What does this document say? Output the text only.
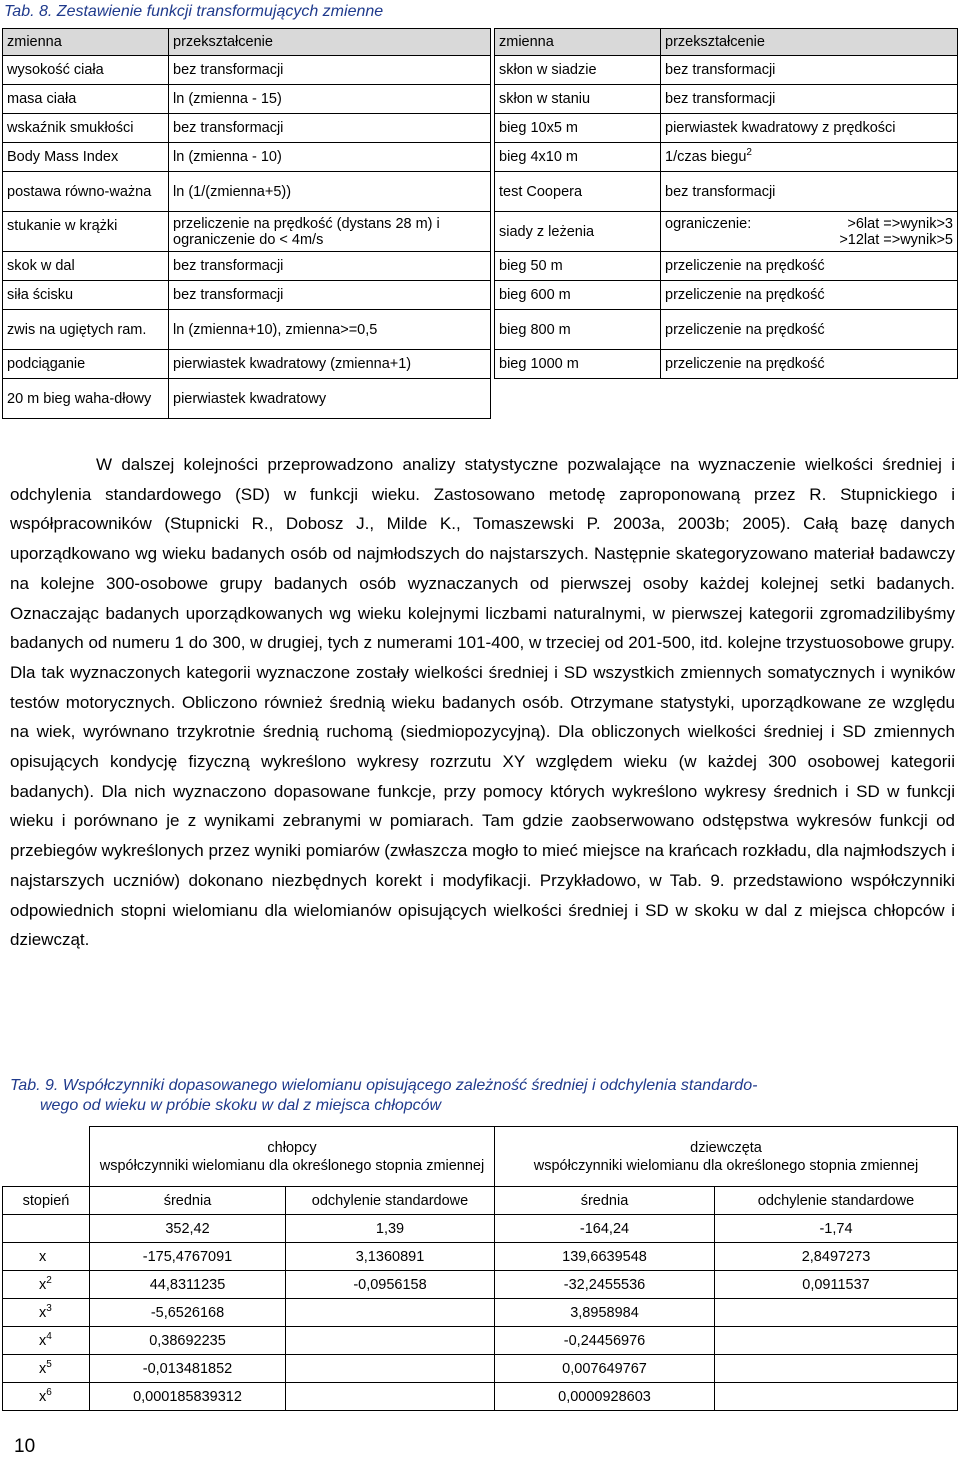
Tab. 8. Zestawienie funkcji transformujących zmienne
zmienna	przekształcenie		zmienna	przekształcenie
wysokość ciała	bez transformacji		skłon w siadzie	bez transformacji
masa ciała	ln (zmienna - 15)		skłon w staniu	bez transformacji
wskaźnik smukłości	bez transformacji		bieg 10x5 m	pierwiastek kwadratowy z prędkości
Body Mass Index	ln (zmienna - 10)		bieg 4x10 m	1/czas biegu$^2$
postawa równo-ważna	ln (1/(zmienna+5))		test Coopera	bez transformacji
stukanie w krążki	przeliczenie na prędkość (dystans 28 m) i ograniczenie do < 4m/s		siady z leżenia	ograniczenie: >6lat =>wynik>3
>12lat =>wynik>5

skok w dal	bez transformacji		bieg 50 m	przeliczenie na prędkość
siła ścisku	bez transformacji		bieg 600 m	przeliczenie na prędkość
zwis na ugiętych ram.	ln (zmienna+10), zmienna>=0,5		bieg 800 m	przeliczenie na prędkość
podciąganie	pierwiastek kwadratowy (zmienna+1)		bieg 1000 m	przeliczenie na prędkość
20 m bieg waha-dłowy	pierwiastek kwadratowy			

W dalszej kolejności przeprowadzono analizy statystyczne pozwalające na wyznaczenie wielkości średniej i odchylenia standardowego (SD) w funkcji wieku. Zastosowano metodę zaproponowaną przez R. Stupnickiego i współpracowników (Stupnicki R., Dobosz J., Milde K., Tomaszewski P. 2003a, 2003b; 2005). Całą bazę danych uporządkowano wg wieku badanych osób od najmłodszych do najstarszych. Następnie skategoryzowano materiał badawczy na kolejne 300-osobowe grupy badanych osób wyznaczanych od pierwszej osoby każdej kolejnej setki badanych. Oznaczając badanych uporządkowanych wg wieku kolejnymi liczbami naturalnymi, w pierwszej kategorii zgromadzilibyśmy badanych od numeru 1 do 300, w drugiej, tych z numerami 101-400, w trzeciej od 201-500, itd. kolejne trzystuosobowe grupy. Dla tak wyznaczonych kategorii wyznaczone zostały wielkości średniej i SD wszystkich zmiennych somatycznych i wyników testów motorycznych. Obliczono również średnią wieku badanych osób. Otrzymane statystyki, uporządkowane ze względu na wiek, wyrównano trzykrotnie średnią ruchomą (siedmiopozycyjną). Dla obliczonych wielkości średniej i SD zmiennych opisujących kondycję fizyczną wykreślono wykresy rozrzutu XY względem wieku (w każdej 300 osobowej kategorii badanych). Dla nich wyznaczono dopasowane funkcje, przy pomocy których wykreślono wykresy średnich i SD w funkcji wieku i porównano je z wynikami zebranymi w pomiarach. Tam gdzie zaobserwowano odstępstwa wykresów funkcji od przebiegów wykreślonych przez wyniki pomiarów (zwłaszcza mogło to mieć miejsce na krańcach rozkładu, dla najmłodszych i najstarszych uczniów) dokonano niezbędnych korekt i modyfikacji. Przykładowo, w Tab. 9. przedstawiono współczynniki odpowiednich stopni wielomianu dla wielomianów opisujących wielkości średniej i SD w skoku w dal z miejsca chłopców i dziewcząt.

Tab. 9. Współczynniki dopasowanego wielomianu opisującego zależność średniej i odchylenia standardo-
wego od wieku w próbie skoku w dal z miejsca chłopców
	chłopcy
współczynniki wielomianu dla określonego stopnia zmiennej		dziewczęta
współczynniki wielomianu dla określonego stopnia zmiennej	
stopień	średnia	odchylenie standardowe	średnia	odchylenie standardowe
	352,42	1,39	-164,24	-1,74
x	-175,4767091	3,1360891	139,6639548	2,8497273
$x^2$	44,8311235	-0,0956158	-32,2455536	0,0911537
$x^3$	-5,6526168		3,8958984	
$x^4$	0,38692235		-0,24456976	
$x^5$	-0,013481852		0,007649767	
$x^6$	0,000185839312		0,0000928603	
10
